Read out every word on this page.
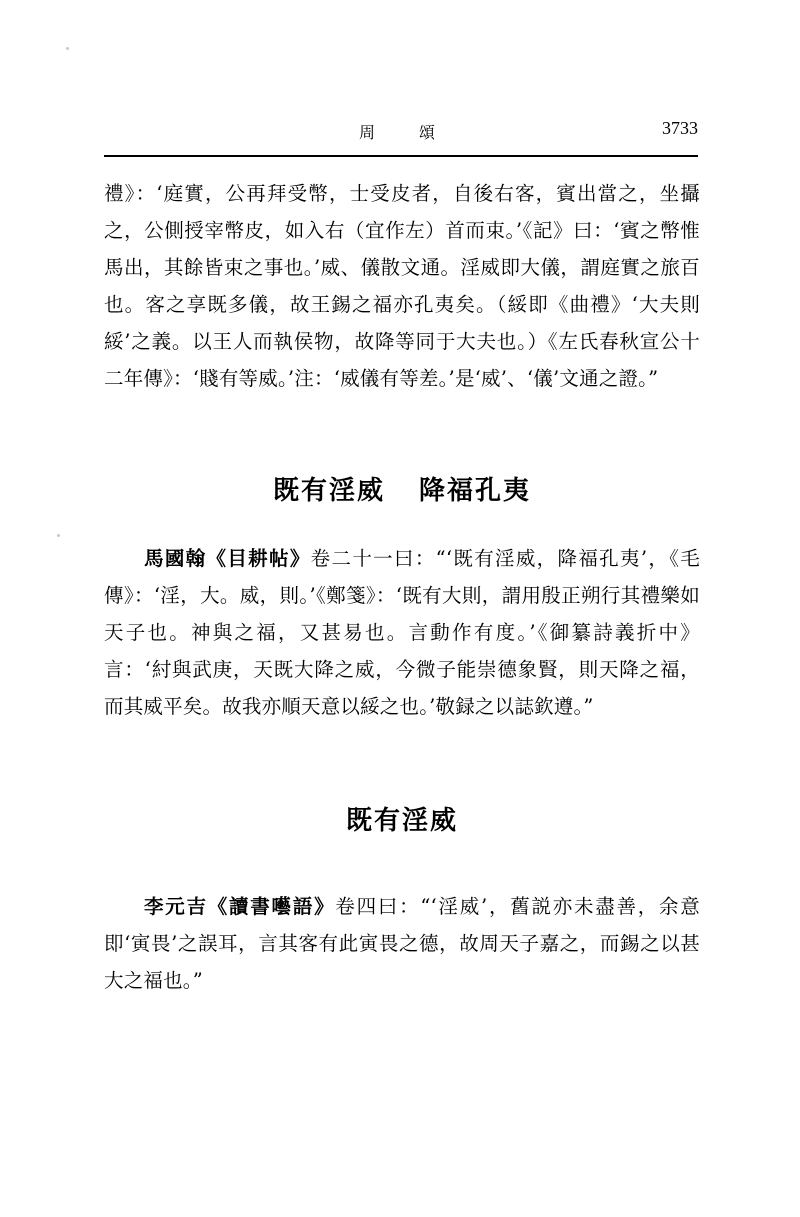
周　頌	3733

禮》：‘庭實，公再拜受幣，士受皮者，自後右客，賓出當之，坐攝之，公側授宰幣皮，如入右（宜作左）首而束。’《記》曰：‘賓之幣惟馬出，其餘皆束之事也。’威、儀散文通。淫威即大儀，謂庭實之旅百也。客之享既多儀，故王錫之福亦孔夷矣。（綏即《曲禮》‘大夫則綏’之義。以王人而執侯物，故降等同于大夫也。）《左氏春秋宣公十二年傳》：‘賤有等威。’注：‘威儀有等差。’是‘威’、‘儀’文通之證。”

既有淫威 降福孔夷

馬國翰《目耕帖》卷二十一曰：“‘既有淫威，降福孔夷’，《毛傳》：‘淫，大。威，則。’《鄭箋》：‘既有大則，謂用殷正朔行其禮樂如天子也。神與之福，又甚易也。言動作有度。’《御纂詩義折中》言：‘紂與武庚，天既大降之威，今微子能崇德象賢，則天降之福，而其威平矣。故我亦順天意以綏之也。’敬録之以誌欽遵。”

既有淫威

李元吉《讀書囈語》卷四曰：“‘淫威’，舊説亦未盡善，余意即‘寅畏’之誤耳，言其客有此寅畏之德，故周天子嘉之，而錫之以甚大之福也。”
